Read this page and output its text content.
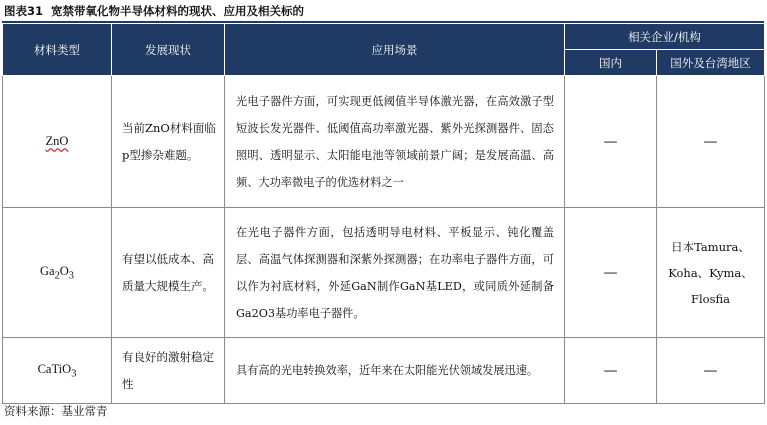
图表31 宽禁带氧化物半导体材料的现状、应用及相关标的
材料类型	发展现状	应用场景	相关企业/机构	
			国内	国外及台湾地区
ZnO	当前ZnO材料面临p型掺杂难题。	光电子器件方面，可实现更低阈值半导体激光器，在高效激子型短波长发光器件、低阈值高功率激光器、紫外光探测器件、固态照明、透明显示、太阳能电池等领域前景广阔；是发展高温、高频、大功率微电子的优选材料之一	—	—
$Ga_2O_3$	有望以低成本、高质量大规模生产。	在光电子器件方面，包括透明导电材料、平板显示、钝化覆盖层、高温气体探测器和深紫外探测器；在功率电子器件方面，可以作为衬底材料，外延GaN制作GaN基LED，或同质外延制备Ga2O3基功率电子器件。	—	日本Tamura、
Koha、Kyma、
Flosfia

CaTiO$_3$	有良好的激射稳定性	具有高的光电转换效率，近年来在太阳能光伏领域发展迅速。	—	—
资料来源：基业常青
